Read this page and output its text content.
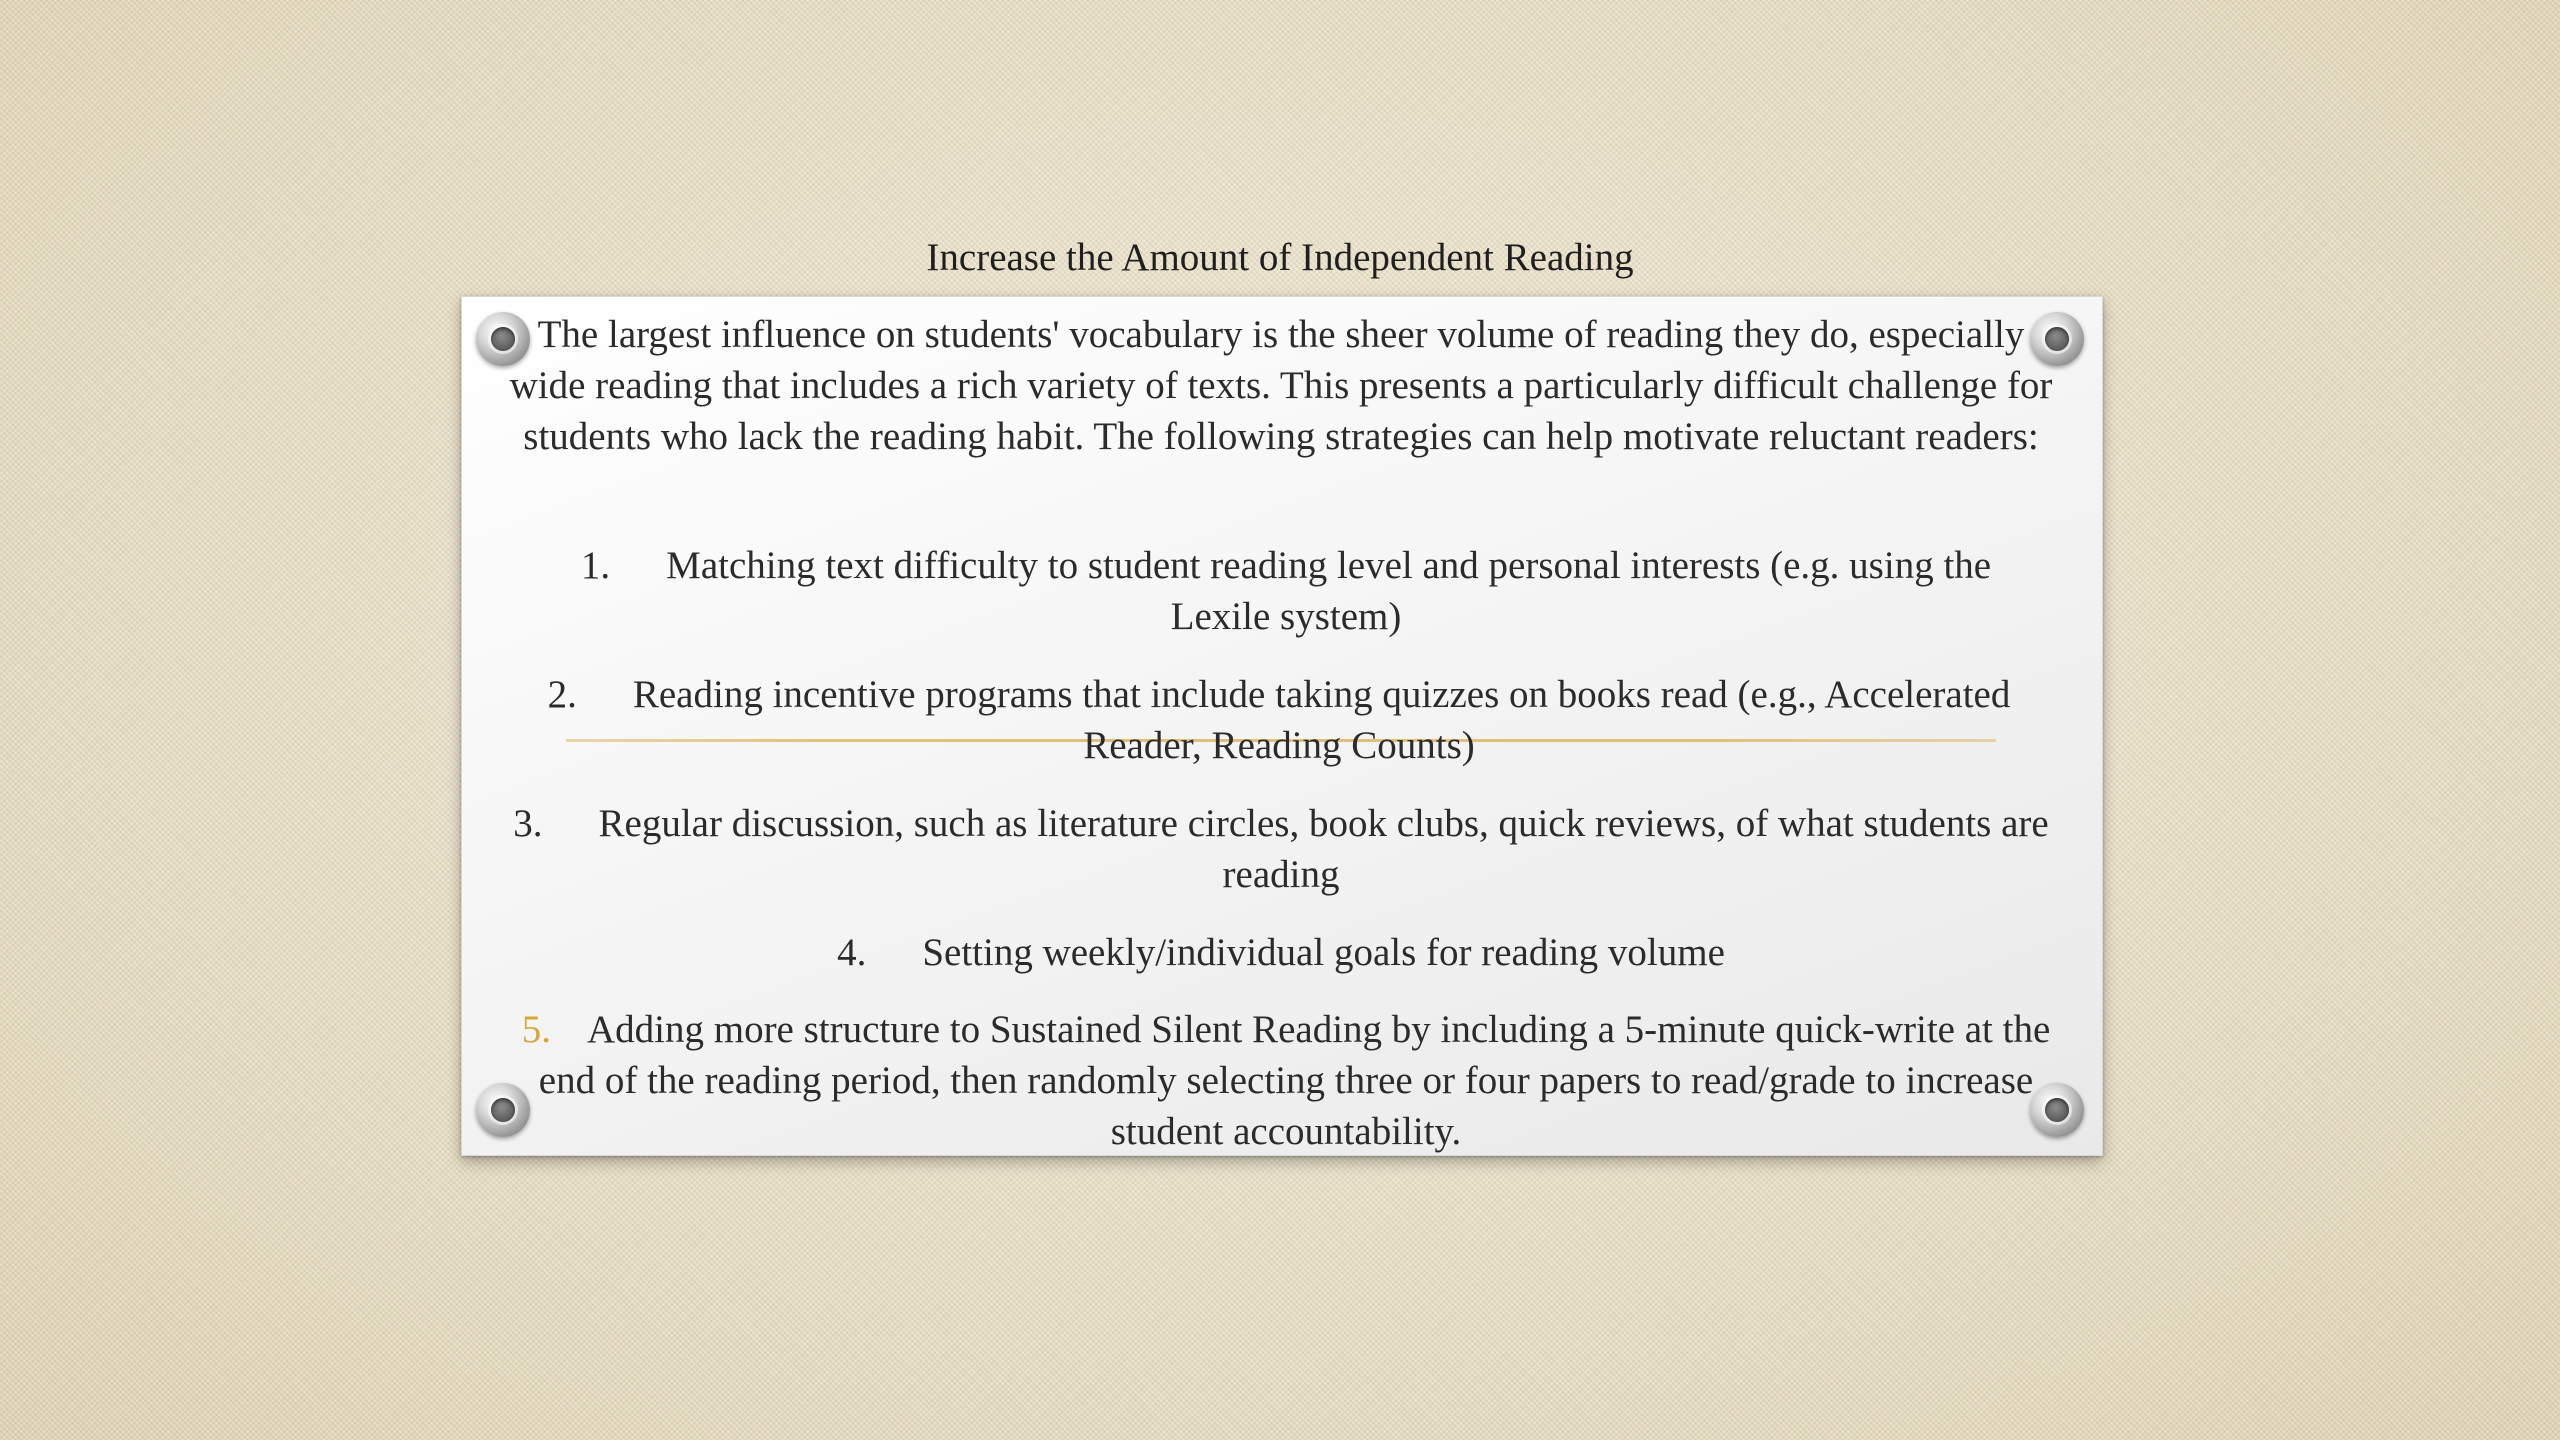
Increase the Amount of Independent Reading
The largest influence on students' vocabulary is the sheer volume of reading they do, especially wide reading that includes a rich variety of texts. This presents a particularly difficult challenge for students who lack the reading habit. The following strategies can help motivate reluctant readers:
1. Matching text difficulty to student reading level and personal interests (e.g. using the Lexile system)
2. Reading incentive programs that include taking quizzes on books read (e.g., Accelerated Reader, Reading Counts)
3. Regular discussion, such as literature circles, book clubs, quick reviews, of what students are reading
4. Setting weekly/individual goals for reading volume
5. Adding more structure to Sustained Silent Reading by including a 5-minute quick-write at the end of the reading period, then randomly selecting three or four papers to read/grade to increase student accountability.
